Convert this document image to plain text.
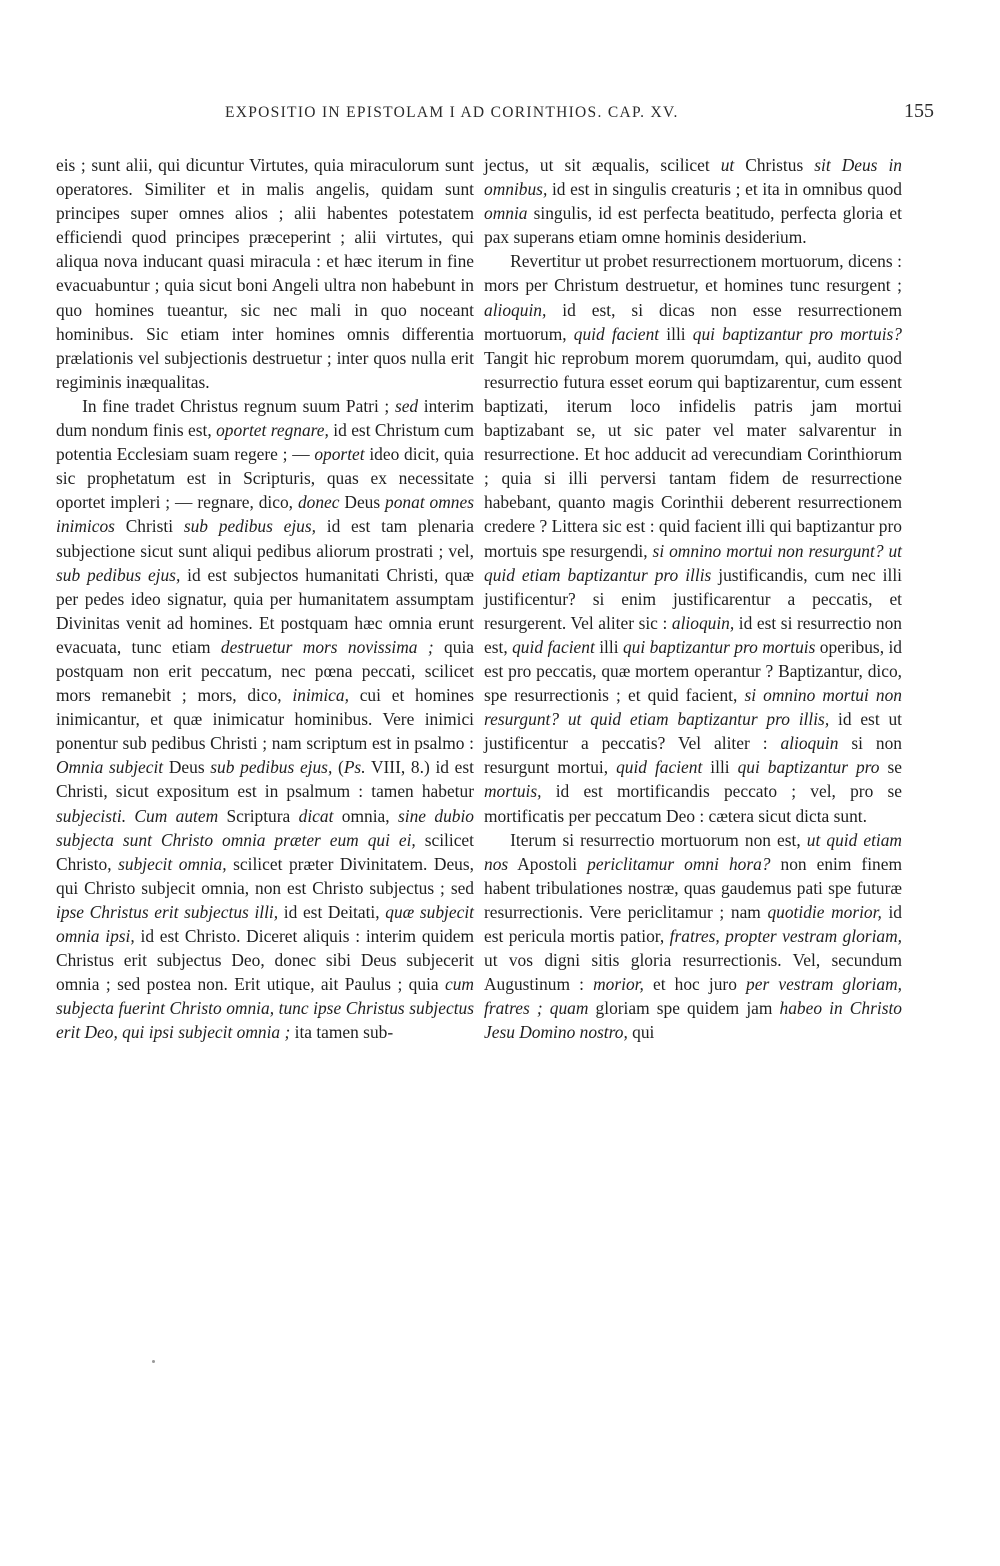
EXPOSITIO IN EPISTOLAM I AD CORINTHIOS. CAP. XV.	155

eis ; sunt alii, qui dicuntur Virtutes, quia miraculorum sunt operatores. Similiter et in malis angelis, quidam sunt principes super omnes alios ; alii habentes potestatem efficiendi quod principes præceperint ; alii virtutes, qui aliqua nova inducant quasi miracula : et hæc iterum in fine evacuabuntur ; quia sicut boni Angeli ultra non habebunt in quo homines tueantur, sic nec mali in quo noceant hominibus. Sic etiam inter homines omnis differentia prælationis vel subjectionis destruetur ; inter quos nulla erit regiminis inæqualitas.

In fine tradet Christus regnum suum Patri ; sed interim dum nondum finis est, oportet regnare, id est Christum cum potentia Ecclesiam suam regere ; — oportet ideo dicit, quia sic prophetatum est in Scripturis, quas ex necessitate oportet impleri ; — regnare, dico, donec Deus ponat omnes inimicos Christi sub pedibus ejus, id est tam plenaria subjectione sicut sunt aliqui pedibus aliorum prostrati ; vel, sub pedibus ejus, id est subjectos humanitati Christi, quæ per pedes ideo signatur, quia per humanitatem assumptam Divinitas venit ad homines. Et postquam hæc omnia erunt evacuata, tunc etiam destruetur mors novissima ; quia postquam non erit peccatum, nec pœna peccati, scilicet mors remanebit ; mors, dico, inimica, cui et homines inimicantur, et quæ inimicatur hominibus. Vere inimici ponentur sub pedibus Christi ; nam scriptum est in psalmo : Omnia subjecit Deus sub pedibus ejus, (Ps. VIII, 8.) id est Christi, sicut expositum est in psalmum : tamen habetur subjecisti. Cum autem Scriptura dicat omnia, sine dubio subjecta sunt Christo omnia præter eum qui ei, scilicet Christo, subjecit omnia, scilicet præter Divinitatem. Deus, qui Christo subjecit omnia, non est Christo subjectus ; sed ipse Christus erit subjectus illi, id est Deitati, quæ subjecit omnia ipsi, id est Christo. Diceret aliquis : interim quidem Christus erit subjectus Deo, donec sibi Deus subjecerit omnia ; sed postea non. Erit utique, ait Paulus ; quia cum subjecta fuerint Christo omnia, tunc ipse Christus subjectus erit Deo, qui ipsi subjecit omnia ; ita tamen sub-

jectus, ut sit æqualis, scilicet ut Christus sit Deus in omnibus, id est in singulis creaturis ; et ita in omnibus quod omnia singulis, id est perfecta beatitudo, perfecta gloria et pax superans etiam omne hominis desiderium.

Revertitur ut probet resurrectionem mortuorum, dicens : mors per Christum destruetur, et homines tunc resurgent ; alioquin, id est, si dicas non esse resurrectionem mortuorum, quid facient illi qui baptizantur pro mortuis? Tangit hic reprobum morem quorumdam, qui, audito quod resurrectio futura esset eorum qui baptizarentur, cum essent baptizati, iterum loco infidelis patris jam mortui baptizabant se, ut sic pater vel mater salvarentur in resurrectione. Et hoc adducit ad verecundiam Corinthiorum ; quia si illi perversi tantam fidem de resurrectione habebant, quanto magis Corinthii deberent resurrectionem credere ? Littera sic est : quid facient illi qui baptizantur pro mortuis spe resurgendi, si omnino mortui non resurgunt? ut quid etiam baptizantur pro illis justificandis, cum nec illi justificentur? si enim justificarentur a peccatis, et resurgerent. Vel aliter sic : alioquin, id est si resurrectio non est, quid facient illi qui baptizantur pro mortuis operibus, id est pro peccatis, quæ mortem operantur ? Baptizantur, dico, spe resurrectionis ; et quid facient, si omnino mortui non resurgunt? ut quid etiam baptizantur pro illis, id est ut justificentur a peccatis? Vel aliter : alioquin si non resurgunt mortui, quid facient illi qui baptizantur pro se mortuis, id est mortificandis peccato ; vel, pro se mortificatis per peccatum Deo : cætera sicut dicta sunt.

Iterum si resurrectio mortuorum non est, ut quid etiam nos Apostoli periclitamur omni hora? non enim finem habent tribulationes nostræ, quas gaudemus pati spe futuræ resurrectionis. Vere periclitamur ; nam quotidie morior, id est pericula mortis patior, fratres, propter vestram gloriam, ut vos digni sitis gloria resurrectionis. Vel, secundum Augustinum : morior, et hoc juro per vestram gloriam, fratres ; quam gloriam spe quidem jam habeo in Christo Jesu Domino nostro, qui
